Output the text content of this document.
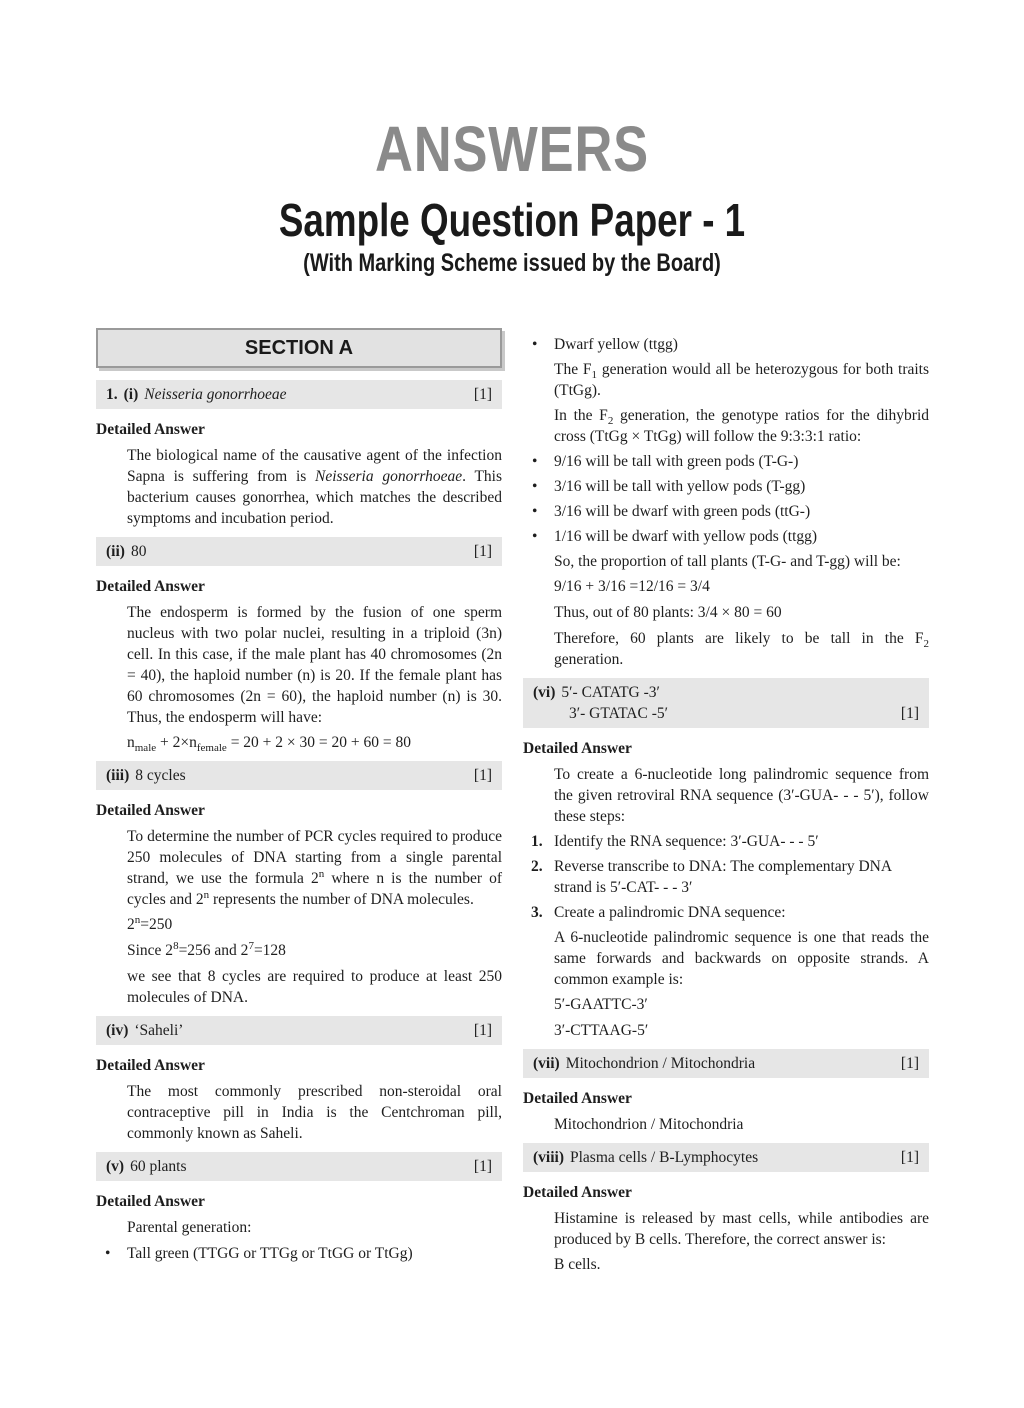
ANSWERS
Sample Question Paper - 1
(With Marking Scheme issued by the Board)
SECTION A
1. (i) Neisseria gonorrhoeae	[1]
Detailed Answer
The biological name of the causative agent of the infection Sapna is suffering from is Neisseria gonorrhoeae. This bacterium causes gonorrhea, which matches the described symptoms and incubation period.
(ii) 80	[1]
Detailed Answer
The endosperm is formed by the fusion of one sperm nucleus with two polar nuclei, resulting in a triploid (3n) cell. In this case, if the male plant has 40 chromosomes (2n = 40), the haploid number (n) is 20. If the female plant has 60 chromosomes (2n = 60), the haploid number (n) is 30. Thus, the endosperm will have:
$n_{male} + 2\times n_{female} = 20 + 2 \times 30 = 20 + 60 = 80$
(iii) 8 cycles	[1]
Detailed Answer
To determine the number of PCR cycles required to produce 250 molecules of DNA starting from a single parental strand, we use the formula 2$^n$ where n is the number of cycles and 2$^n$ represents the number of DNA molecules.
$2^n=250$
Since $2^8=256$ and $2^7=128$
we see that 8 cycles are required to produce at least 250 molecules of DNA.
(iv) ‘Saheli’	[1]
Detailed Answer
The most commonly prescribed non-steroidal oral contraceptive pill in India is the Centchroman pill, commonly known as Saheli.
(v) 60 plants	[1]
Detailed Answer
Parental generation:
• Tall green (TTGG or TTGg or TtGG or TtGg)
• Dwarf yellow (ttgg)
The $F_1$ generation would all be heterozygous for both traits (TtGg).
In the $F_2$ generation, the genotype ratios for the dihybrid cross (TtGg × TtGg) will follow the 9:3:3:1 ratio:
• 9/16 will be tall with green pods (T-G-)
• 3/16 will be tall with yellow pods (T-gg)
• 3/16 will be dwarf with green pods (ttG-)
• 1/16 will be dwarf with yellow pods (ttgg)
So, the proportion of tall plants (T-G- and T-gg) will be:
9/16 + 3/16 =12/16 = 3/4
Thus, out of 80 plants: 3/4 × 80 = 60
Therefore, 60 plants are likely to be tall in the $F_2$ generation.
(vi) 5′- CATATG -3′
3′- GTATAC -5′	[1]
Detailed Answer
To create a 6-nucleotide long palindromic sequence from the given retroviral RNA sequence (3′-GUA- - - 5′), follow these steps:
1. Identify the RNA sequence: 3′-GUA- - - 5′
2. Reverse transcribe to DNA: The complementary DNA strand is 5′-CAT- - - 3′
3. Create a palindromic DNA sequence:
A 6-nucleotide palindromic sequence is one that reads the same forwards and backwards on opposite strands. A common example is:
5′-GAATTC-3′
3′-CTTAAG-5′
(vii) Mitochondrion / Mitochondria	[1]
Detailed Answer
Mitochondrion / Mitochondria
(viii) Plasma cells / B-Lymphocytes	[1]
Detailed Answer
Histamine is released by mast cells, while antibodies are produced by B cells. Therefore, the correct answer is:
B cells.
